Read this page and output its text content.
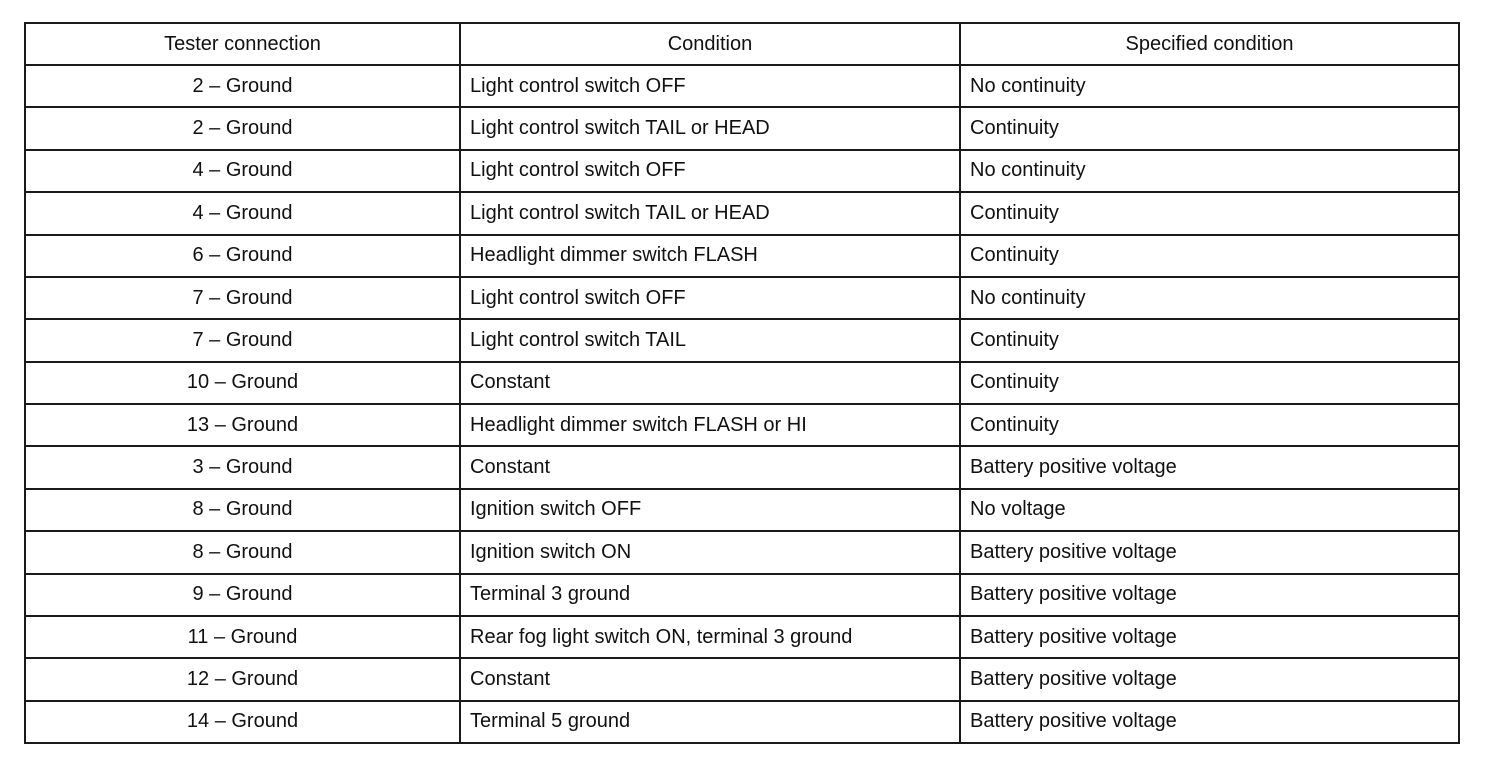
Tester connection	Condition	Specified condition
2 – Ground	Light control switch OFF	No continuity
2 – Ground	Light control switch TAIL or HEAD	Continuity
4 – Ground	Light control switch OFF	No continuity
4 – Ground	Light control switch TAIL or HEAD	Continuity
6 – Ground	Headlight dimmer switch FLASH	Continuity
7 – Ground	Light control switch OFF	No continuity
7 – Ground	Light control switch TAIL	Continuity
10 – Ground	Constant	Continuity
13 – Ground	Headlight dimmer switch FLASH or HI	Continuity
3 – Ground	Constant	Battery positive voltage
8 – Ground	Ignition switch OFF	No voltage
8 – Ground	Ignition switch ON	Battery positive voltage
9 – Ground	Terminal 3 ground	Battery positive voltage
11 – Ground	Rear fog light switch ON, terminal 3 ground	Battery positive voltage
12 – Ground	Constant	Battery positive voltage
14 – Ground	Terminal 5 ground	Battery positive voltage
